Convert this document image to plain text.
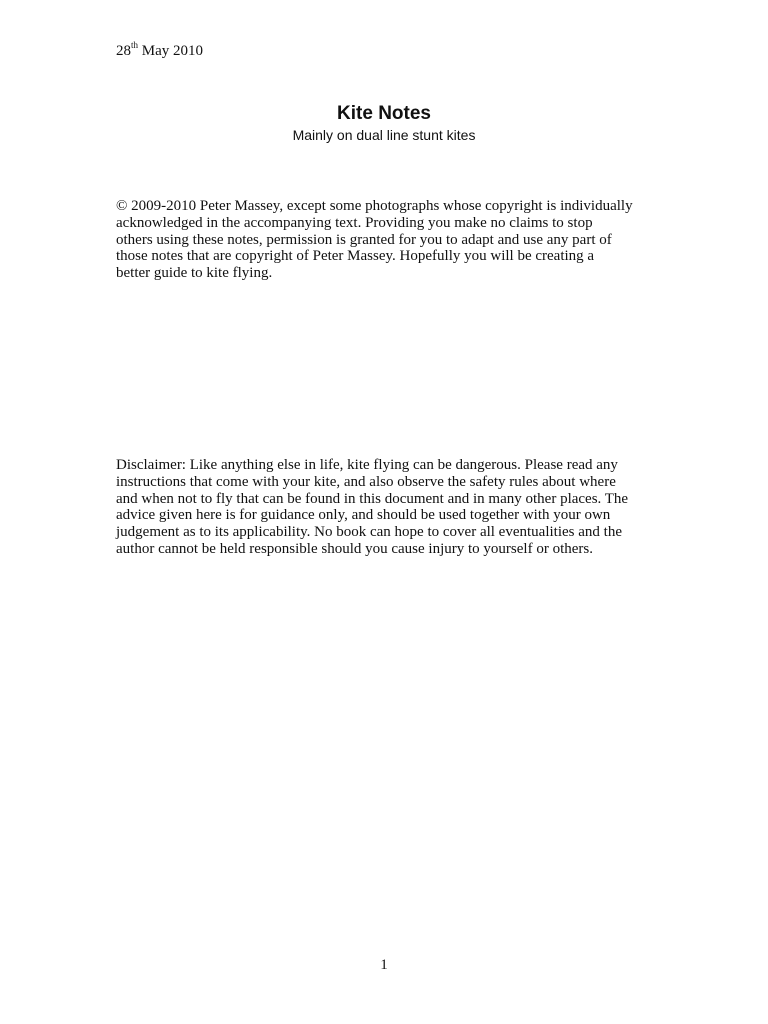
28th May 2010
Kite Notes

Mainly on dual line stunt kites

© 2009-2010 Peter Massey, except some photographs whose copyright is individually
acknowledged in the accompanying text. Providing you make no claims to stop
others using these notes, permission is granted for you to adapt and use any part of
those notes that are copyright of Peter Massey. Hopefully you will be creating a
better guide to kite flying.

Disclaimer: Like anything else in life, kite flying can be dangerous. Please read any
instructions that come with your kite, and also observe the safety rules about where
and when not to fly that can be found in this document and in many other places. The
advice given here is for guidance only, and should be used together with your own
judgement as to its applicability. No book can hope to cover all eventualities and the
author cannot be held responsible should you cause injury to yourself or others.

1
